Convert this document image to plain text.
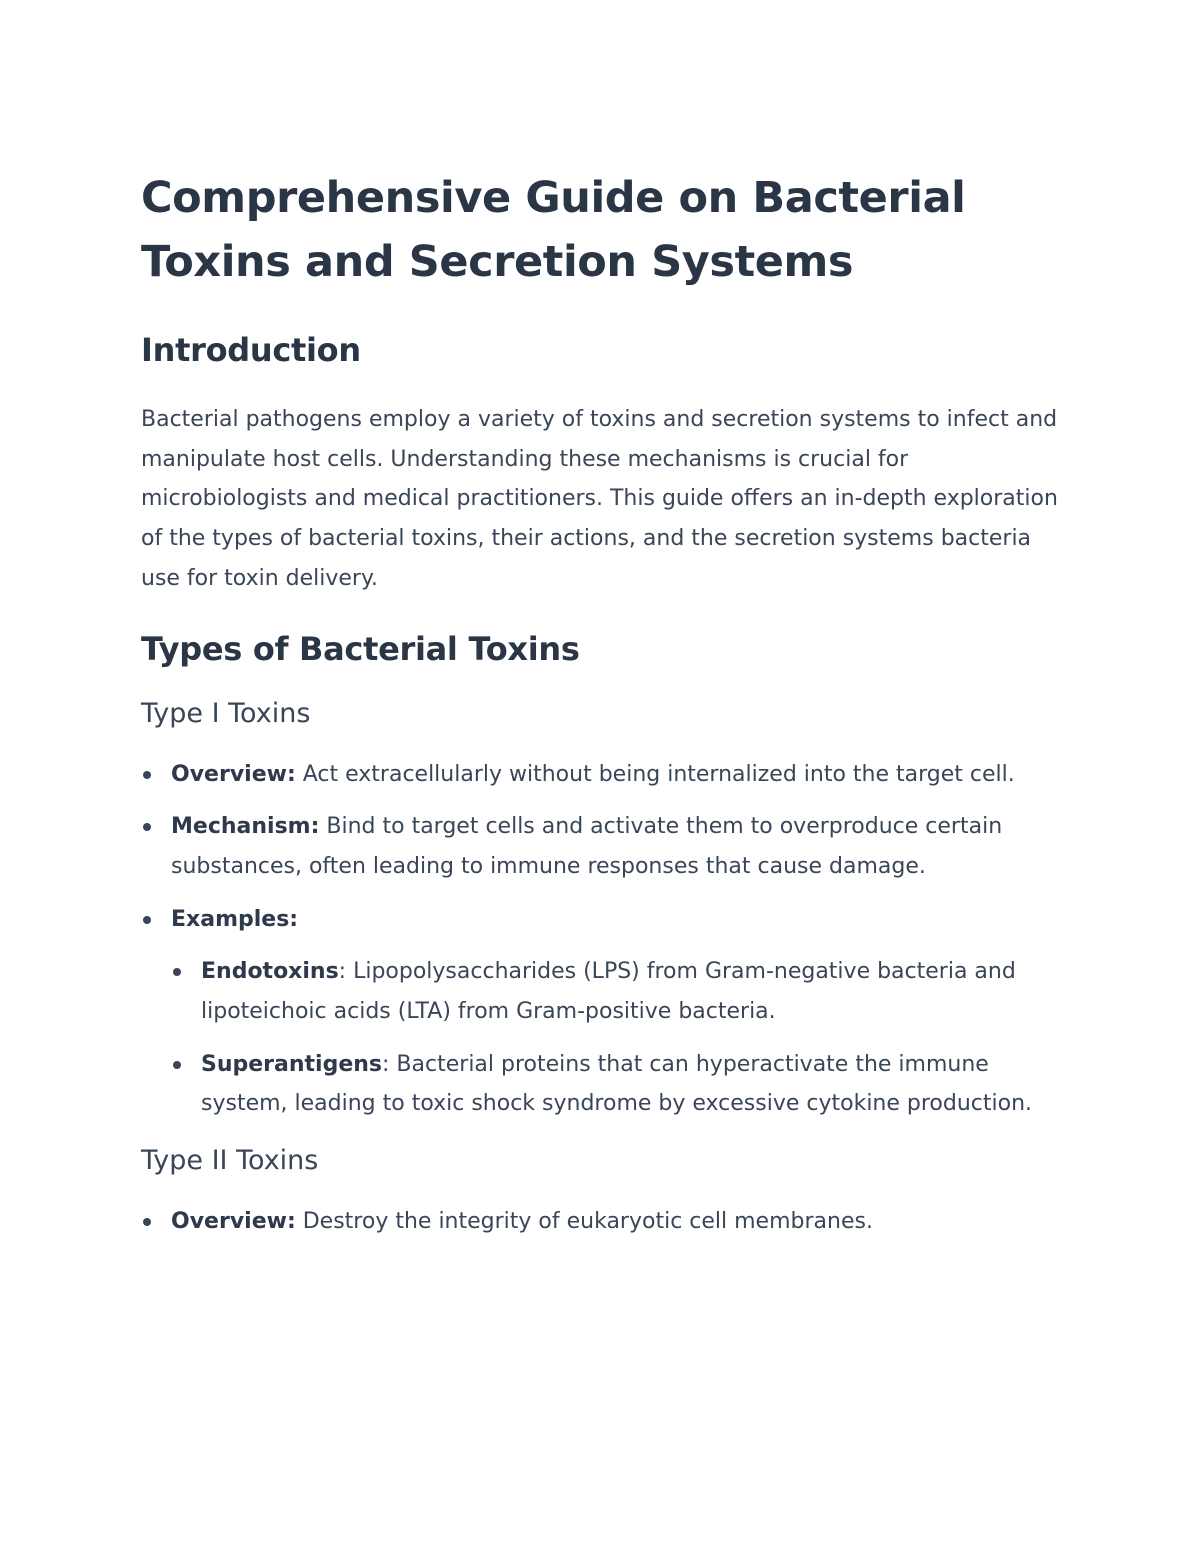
Comprehensive Guide on Bacterial Toxins and Secretion Systems
Introduction

Bacterial pathogens employ a variety of toxins and secretion systems to infect and manipulate host cells. Understanding these mechanisms is crucial for microbiologists and medical practitioners. This guide offers an in-depth exploration of the types of bacterial toxins, their actions, and the secretion systems bacteria use for toxin delivery.

Types of Bacterial Toxins
Type I Toxins
Overview: Act extracellularly without being internalized into the target cell.
Mechanism: Bind to target cells and activate them to overproduce certain substances, often leading to immune responses that cause damage.
Examples:
Endotoxins: Lipopolysaccharides (LPS) from Gram-negative bacteria and lipoteichoic acids (LTA) from Gram-positive bacteria.
Superantigens: Bacterial proteins that can hyperactivate the immune system, leading to toxic shock syndrome by excessive cytokine production.
Type II Toxins
Overview: Destroy the integrity of eukaryotic cell membranes.
